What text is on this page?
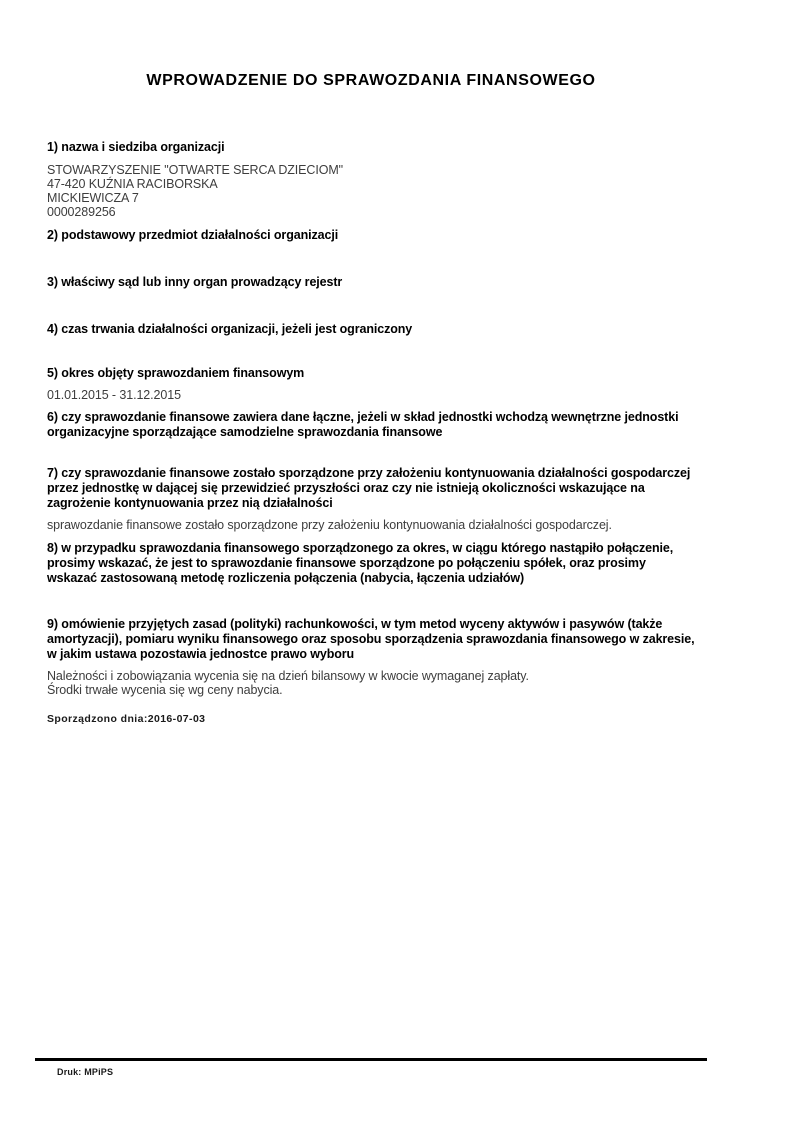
WPROWADZENIE DO SPRAWOZDANIA FINANSOWEGO
1) nazwa i siedziba organizacji
STOWARZYSZENIE "OTWARTE SERCA DZIECIOM"
47-420 KUŹNIA RACIBORSKA
MICKIEWICZA 7
0000289256
2) podstawowy przedmiot działalności organizacji
3) właściwy sąd lub inny organ prowadzący rejestr
4) czas trwania działalności organizacji, jeżeli jest ograniczony
5) okres objęty sprawozdaniem finansowym
01.01.2015 - 31.12.2015
6) czy sprawozdanie finansowe zawiera dane łączne, jeżeli w skład jednostki wchodzą wewnętrzne jednostki organizacyjne sporządzające samodzielne sprawozdania finansowe
7) czy sprawozdanie finansowe zostało sporządzone przy założeniu kontynuowania działalności gospodarczej przez jednostkę w dającej się przewidzieć przyszłości oraz czy nie istnieją okoliczności wskazujące na zagrożenie kontynuowania przez nią działalności
sprawozdanie finansowe zostało sporządzone przy założeniu kontynuowania działalności gospodarczej.
8) w przypadku sprawozdania finansowego sporządzonego za okres, w ciągu którego nastąpiło połączenie, prosimy wskazać, że jest to sprawozdanie finansowe sporządzone po połączeniu spółek, oraz prosimy wskazać zastosowaną metodę rozliczenia połączenia (nabycia, łączenia udziałów)
9) omówienie przyjętych zasad (polityki) rachunkowości, w tym metod wyceny aktywów i pasywów (także amortyzacji), pomiaru wyniku finansowego oraz sposobu sporządzenia sprawozdania finansowego w zakresie, w jakim ustawa pozostawia jednostce prawo wyboru
Należności i zobowiązania wycenia się na dzień bilansowy w kwocie wymaganej zapłaty.
Środki trwałe wycenia się wg ceny nabycia.
Sporządzono dnia:2016-07-03
Druk: MPiPS
